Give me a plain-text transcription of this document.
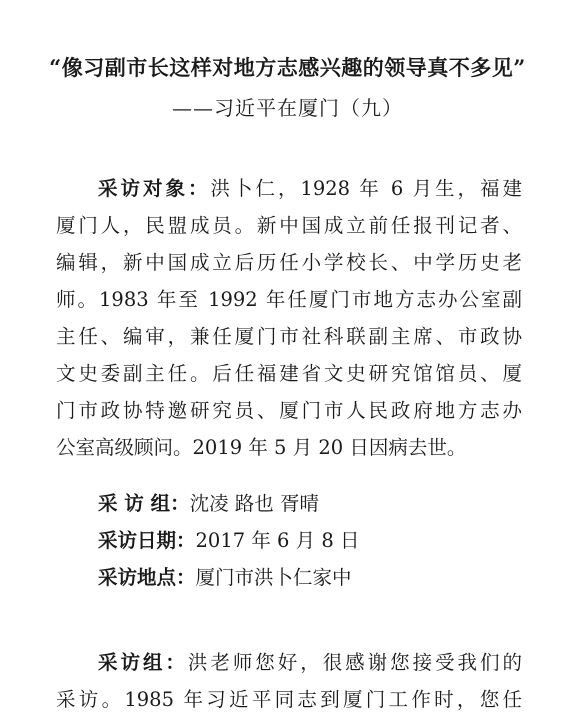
“像习副市长这样对地方志感兴趣的领导真不多见”
——习近平在厦门（九）
采访对象：洪卜仁，1928 年 6 月生，福建
厦门人，民盟成员。新中国成立前任报刊记者、
编辑，新中国成立后历任小学校长、中学历史老
师。1983 年至 1992 年任厦门市地方志办公室副
主任、编审，兼任厦门市社科联副主席、市政协
文史委副主任。后任福建省文史研究馆馆员、厦
门市政协特邀研究员、厦门市人民政府地方志办
公室高级顾问。2019 年 5 月 20 日因病去世。
采 访 组：沈凌 路也 胥晴
采访日期：2017 年 6 月 8 日
采访地点：厦门市洪卜仁家中
采访组：洪老师您好，很感谢您接受我们的
采访。1985 年习近平同志到厦门工作时，您任
